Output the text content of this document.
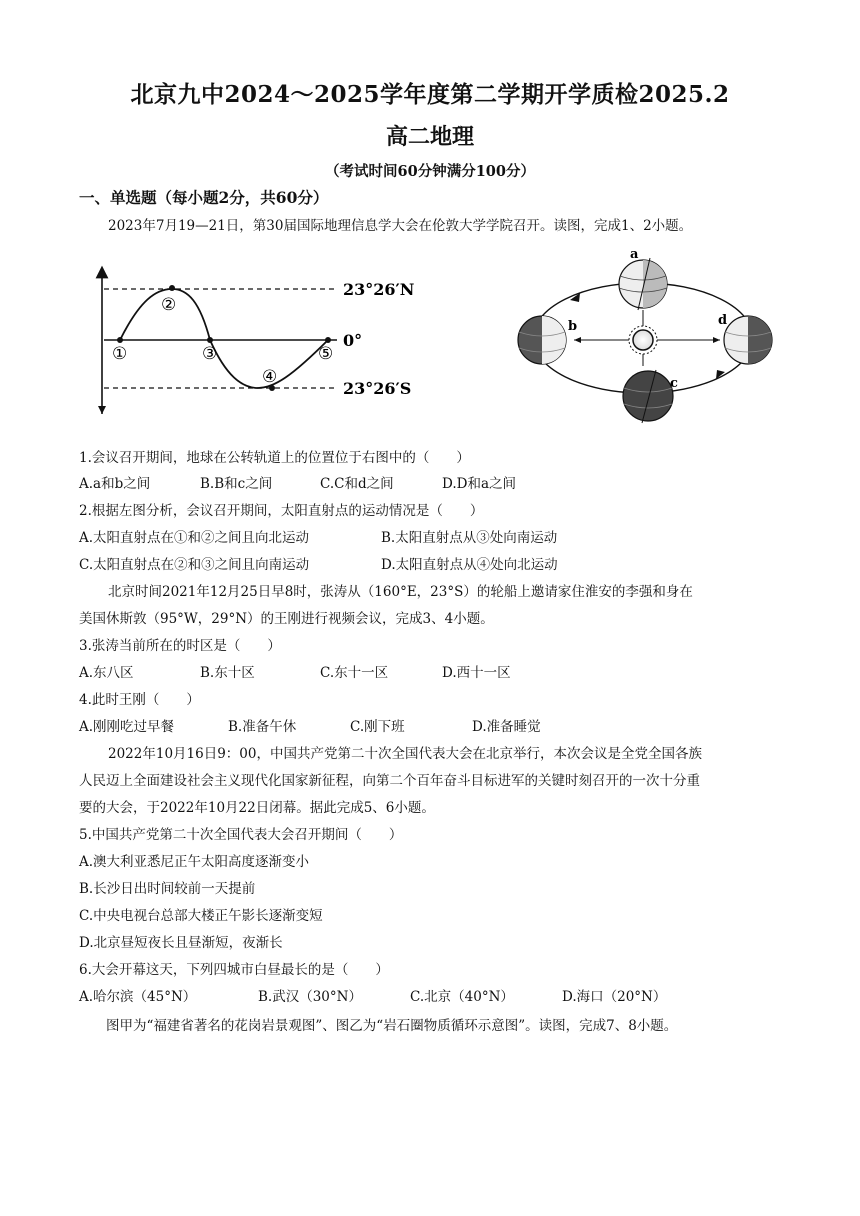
北京九中2024～2025学年度第二学期开学质检2025.2
高二地理
（考试时间60分钟满分100分）
一、单选题（每小题2分，共60分）
2023年7月19—21日，第30届国际地理信息学大会在伦敦大学学院召开。读图，完成1、2小题。
①
②
③
④
⑤
23°26′N
0°
23°26′S
a
b
c
d
1.会议召开期间，地球在公转轨道上的位置位于右图中的（　　）
A.a和b之间	B.B和c之间	C.C和d之间	D.D和a之间
2.根据左图分析，会议召开期间，太阳直射点的运动情况是（　　）
A.太阳直射点在①和②之间且向北运动	B.太阳直射点从③处向南运动
C.太阳直射点在②和③之间且向南运动	D.太阳直射点从④处向北运动
北京时间2021年12月25日早8时，张涛从（160°E，23°S）的轮船上邀请家住淮安的李强和身在
美国休斯敦（95°W，29°N）的王刚进行视频会议，完成3、4小题。
3.张涛当前所在的时区是（　　）
A.东八区	B.东十区	C.东十一区	D.西十一区
4.此时王刚（　　）
A.刚刚吃过早餐	B.准备午休	C.刚下班	D.准备睡觉
2022年10月16日9：00，中国共产党第二十次全国代表大会在北京举行，本次会议是全党全国各族
人民迈上全面建设社会主义现代化国家新征程，向第二个百年奋斗目标进军的关键时刻召开的一次十分重
要的大会，于2022年10月22日闭幕。据此完成5、6小题。
5.中国共产党第二十次全国代表大会召开期间（　　）
A.澳大利亚悉尼正午太阳高度逐渐变小
B.长沙日出时间较前一天提前
C.中央电视台总部大楼正午影长逐渐变短
D.北京昼短夜长且昼渐短，夜渐长
6.大会开幕这天，下列四城市白昼最长的是（　　）
A.哈尔滨（45°N）	B.武汉（30°N）	C.北京（40°N）	D.海口（20°N）
图甲为“福建省著名的花岗岩景观图”、图乙为“岩石圈物质循环示意图”。读图，完成7、8小题。
